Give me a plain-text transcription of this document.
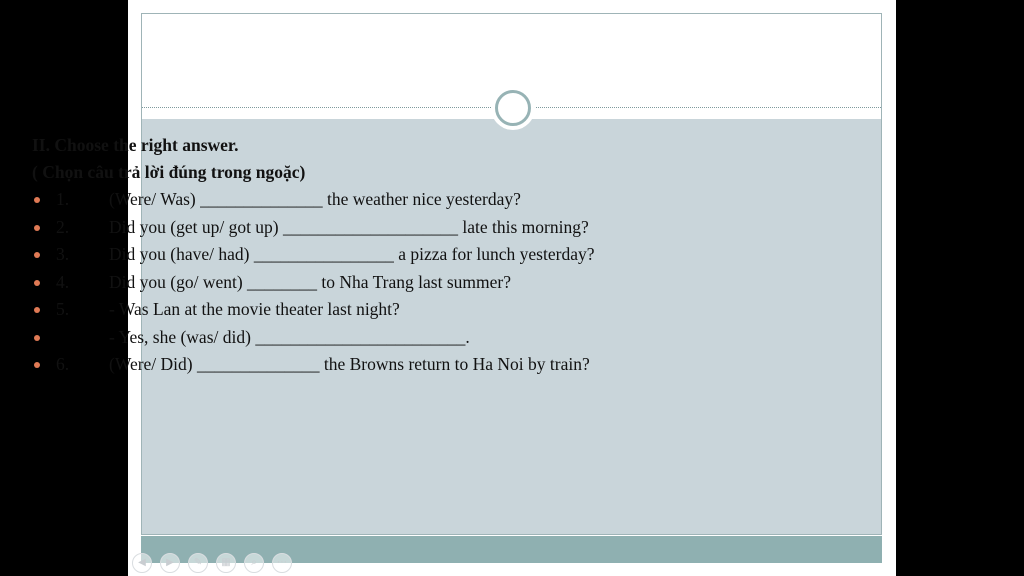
II. Choose the right answer.
( Chọn câu trả lời đúng trong ngoặc)
1.	(Were/ Was) ______________ the weather nice yesterday?
2.	Did you (get up/ got up) ____________________ late this morning?
3.	Did you (have/ had) ________________ a pizza for lunch yesterday?
4.	Did you (go/ went) ________ to Nha Trang last summer?
5.	- Was Lan at the movie theater last night?
- Yes, she (was/ did) ________________________.
6.	(Were/ Did) ______________ the Browns return to Ha Noi by train?
◀	▶	✎	▦	⌕	⋯
